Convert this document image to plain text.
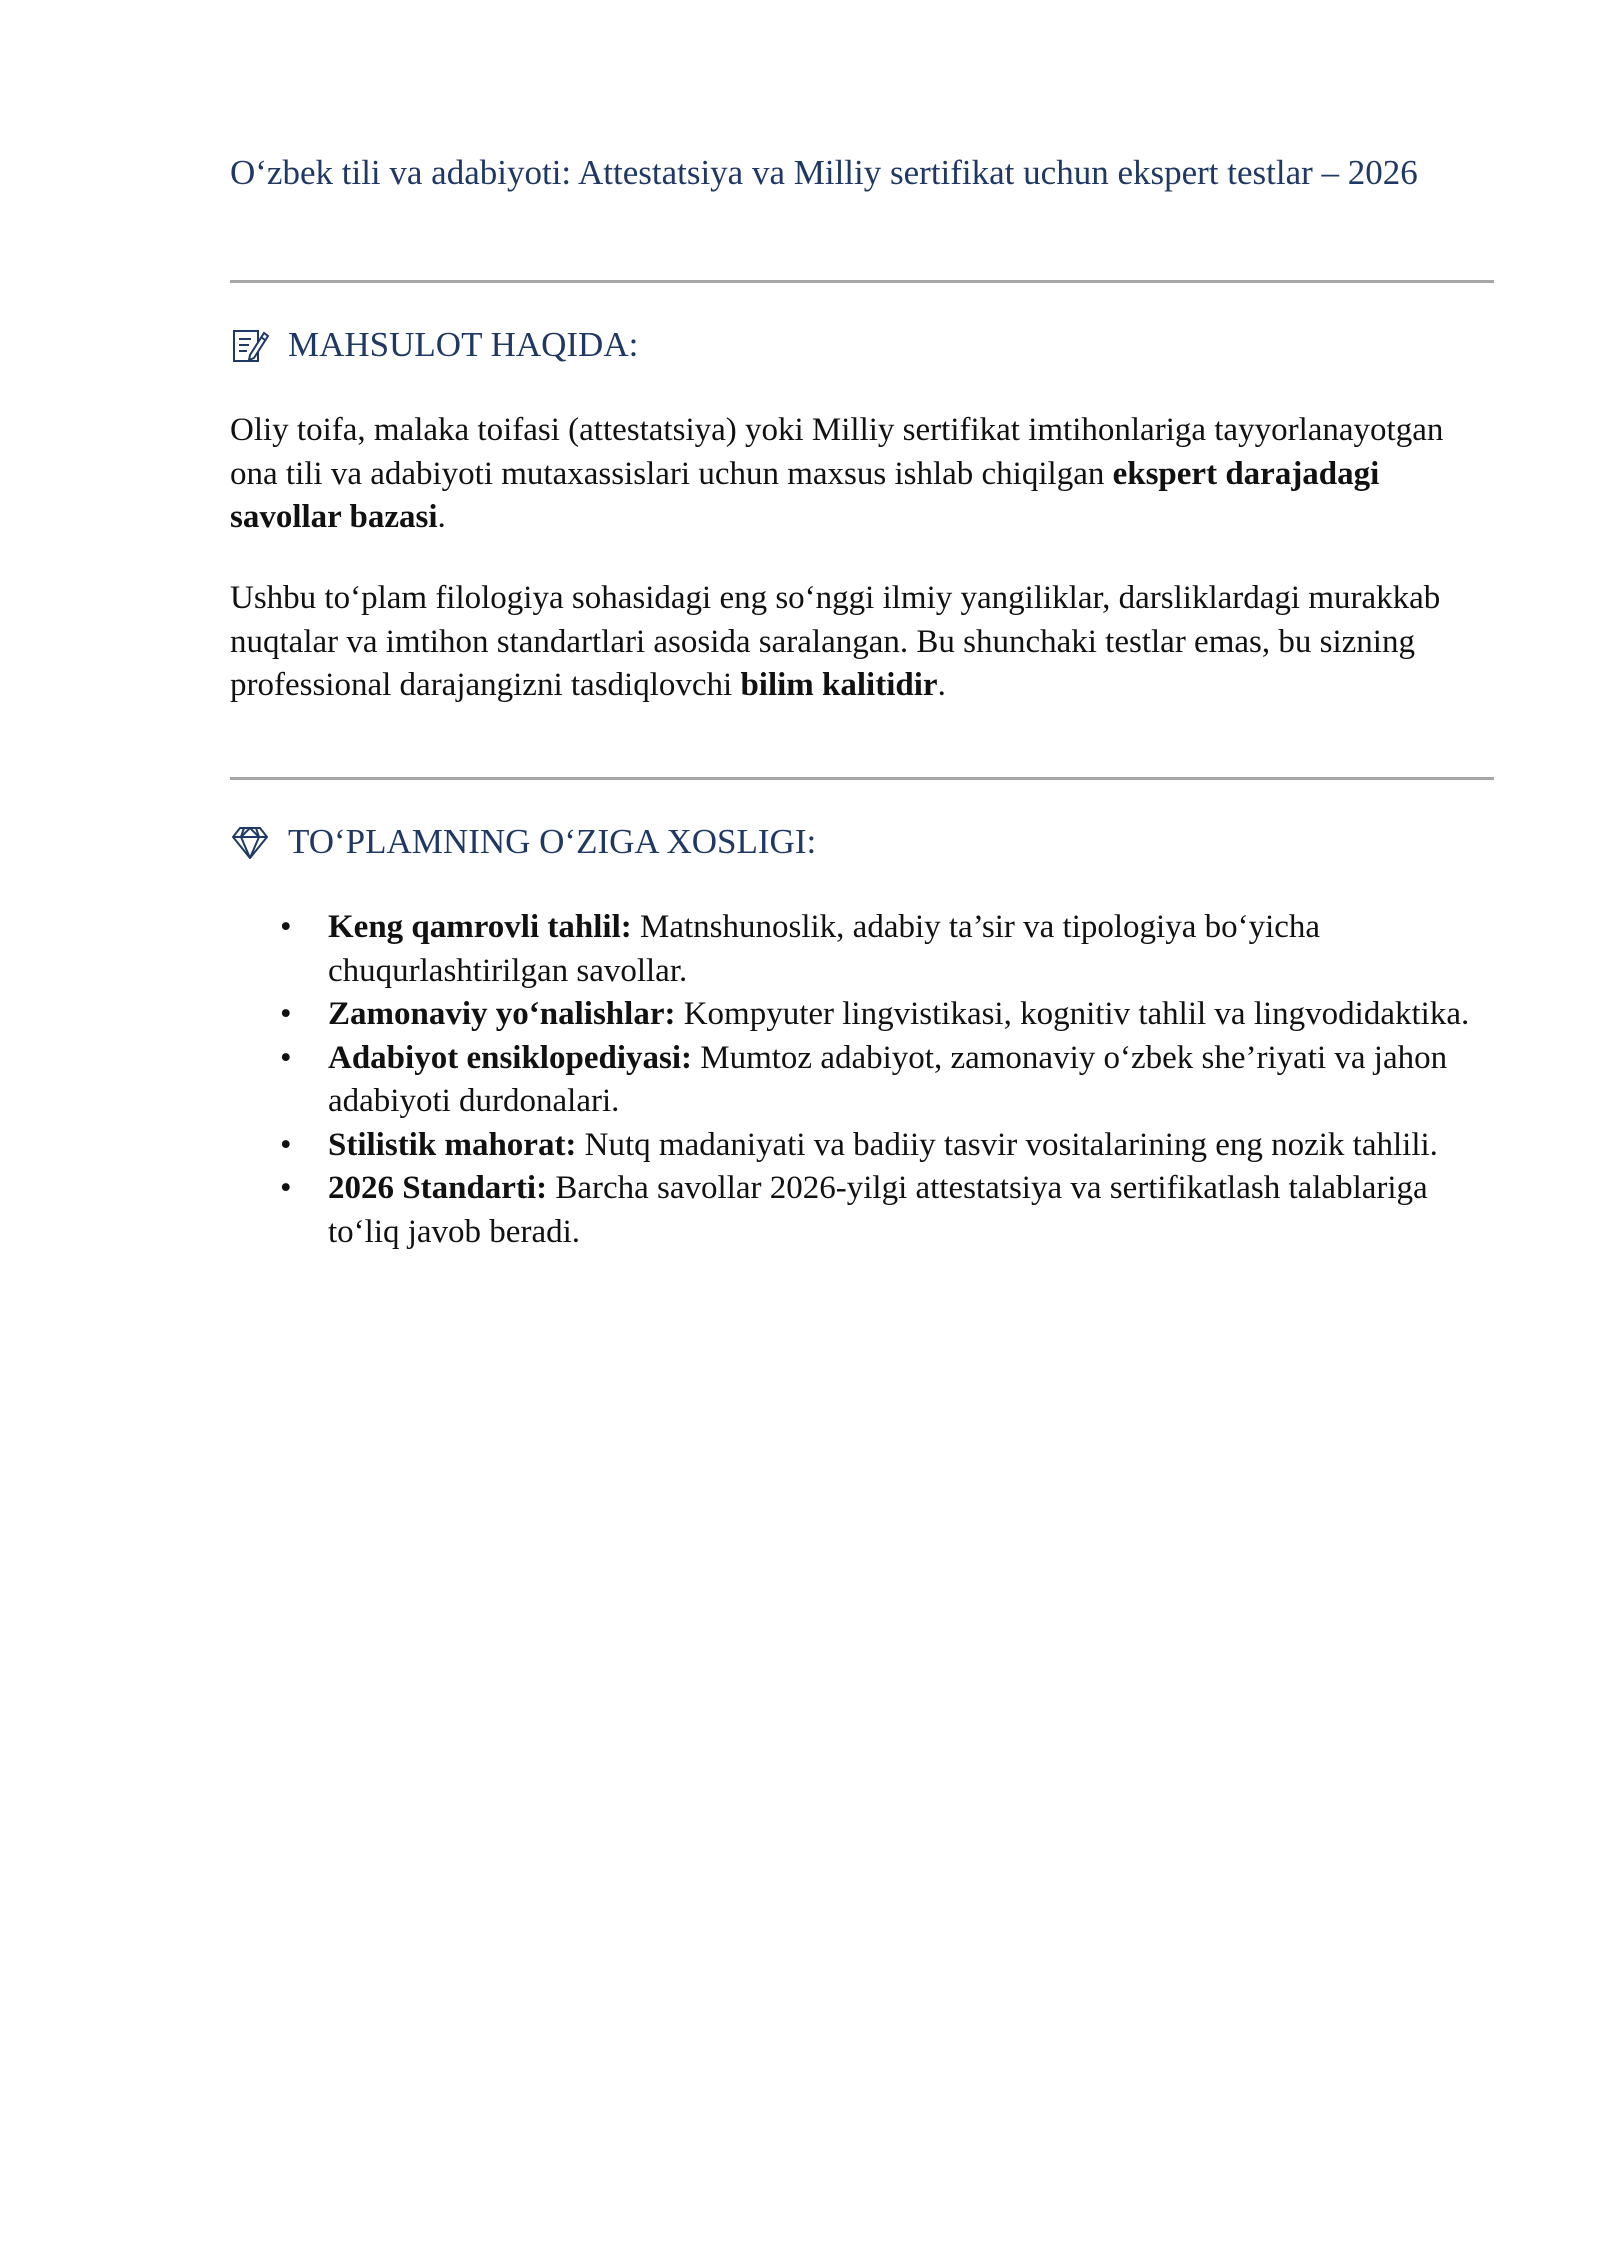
O‘zbek tili va adabiyoti: Attestatsiya va Milliy sertifikat uchun ekspert testlar – 2026
MAHSULOT HAQIDA:

Oliy toifa, malaka toifasi (attestatsiya) yoki Milliy sertifikat imtihonlariga tayyorlanayotgan ona tili va adabiyoti mutaxassislari uchun maxsus ishlab chiqilgan ekspert darajadagi savollar bazasi.

Ushbu to‘plam filologiya sohasidagi eng so‘nggi ilmiy yangiliklar, darsliklardagi murakkab nuqtalar va imtihon standartlari asosida saralangan. Bu shunchaki testlar emas, bu sizning professional darajangizni tasdiqlovchi bilim kalitidir.

TO‘PLAMNING O‘ZIGA XOSLIGI:
• Keng qamrovli tahlil: Matnshunoslik, adabiy ta’sir va tipologiya bo‘yicha chuqurlashtirilgan savollar.
• Zamonaviy yo‘nalishlar: Kompyuter lingvistikasi, kognitiv tahlil va lingvodidaktika.
• Adabiyot ensiklopediyasi: Mumtoz adabiyot, zamonaviy o‘zbek she’riyati va jahon adabiyoti durdonalari.
• Stilistik mahorat: Nutq madaniyati va badiiy tasvir vositalarining eng nozik tahlili.
• 2026 Standarti: Barcha savollar 2026-yilgi attestatsiya va sertifikatlash talablariga to‘liq javob beradi.
